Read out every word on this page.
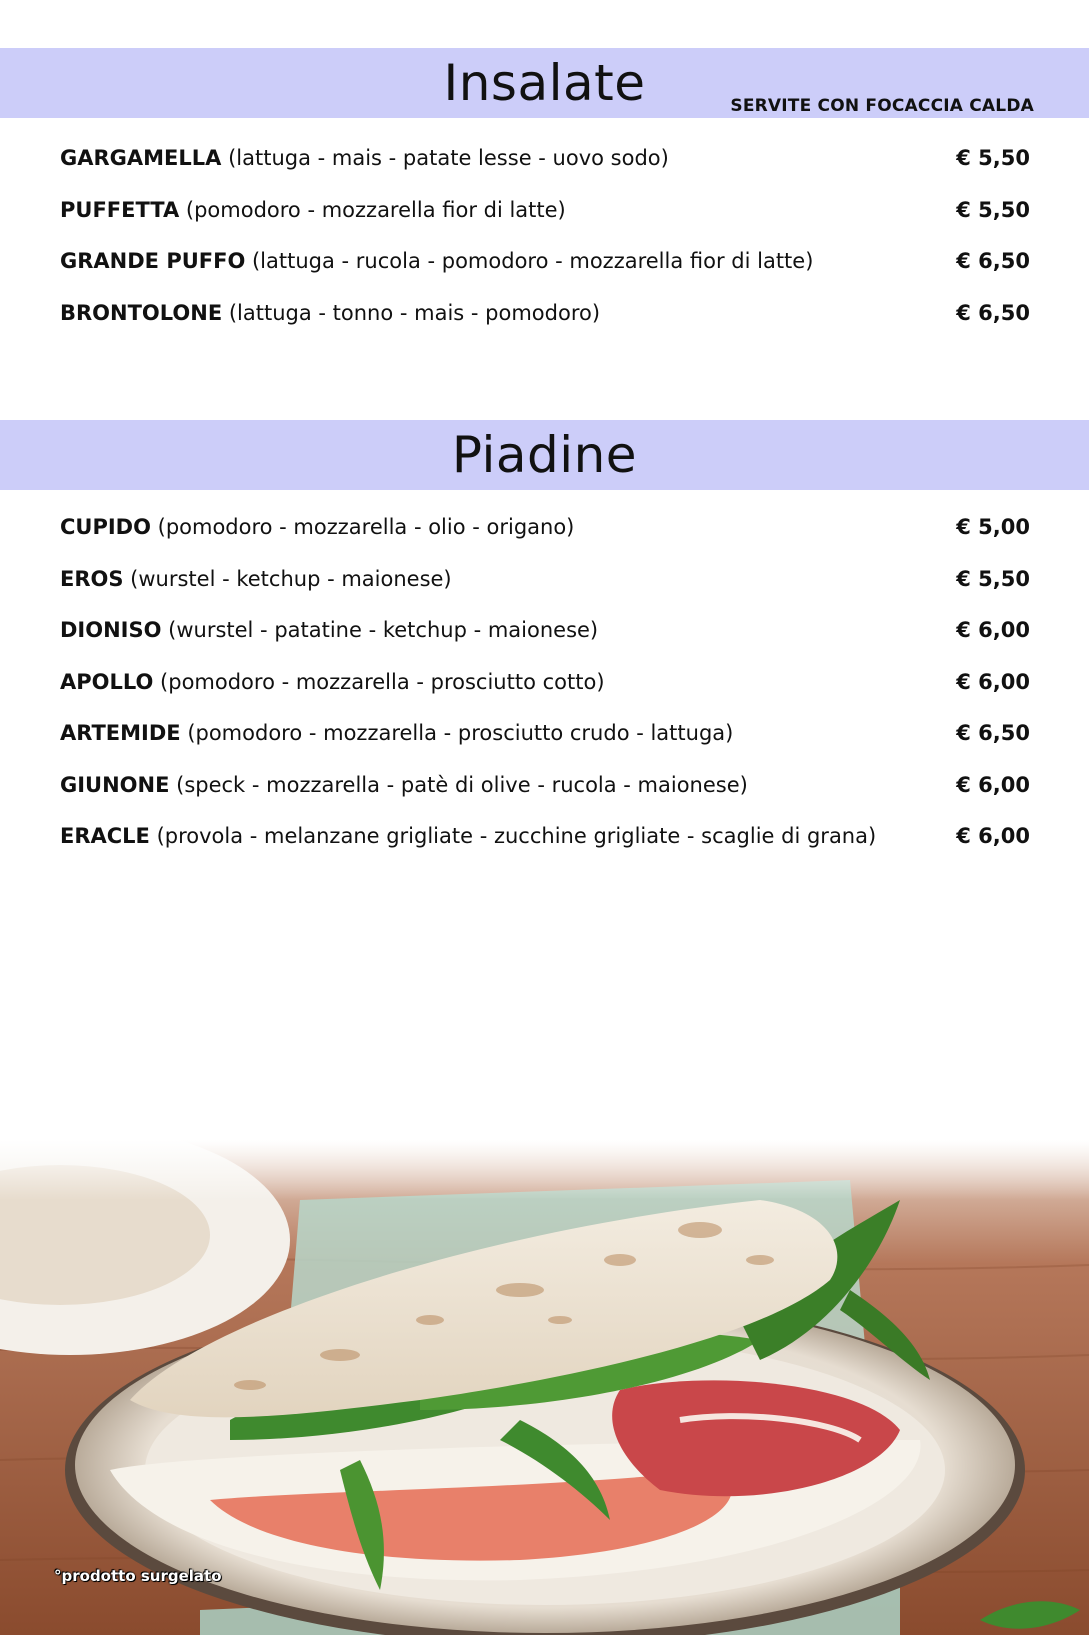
Insalate	SERVITE CON FOCACCIA CALDA
GARGAMELLA (lattuga - mais - patate lesse - uovo sodo)	€ 5,50
PUFFETTA (pomodoro - mozzarella fior di latte)	€ 5,50
GRANDE PUFFO (lattuga - rucola - pomodoro - mozzarella fior di latte)	€ 6,50
BRONTOLONE (lattuga - tonno - mais - pomodoro)	€ 6,50
Piadine
CUPIDO (pomodoro - mozzarella - olio - origano)	€ 5,00
EROS (wurstel - ketchup - maionese)	€ 5,50
DIONISO (wurstel - patatine - ketchup - maionese)	€ 6,00
APOLLO (pomodoro - mozzarella - prosciutto cotto)	€ 6,00
ARTEMIDE (pomodoro - mozzarella - prosciutto crudo - lattuga)	€ 6,50
GIUNONE (speck - mozzarella - patè di olive - rucola - maionese)	€ 6,00
ERACLE (provola - melanzane grigliate - zucchine grigliate - scaglie di grana)	€ 6,00
°prodotto surgelato
